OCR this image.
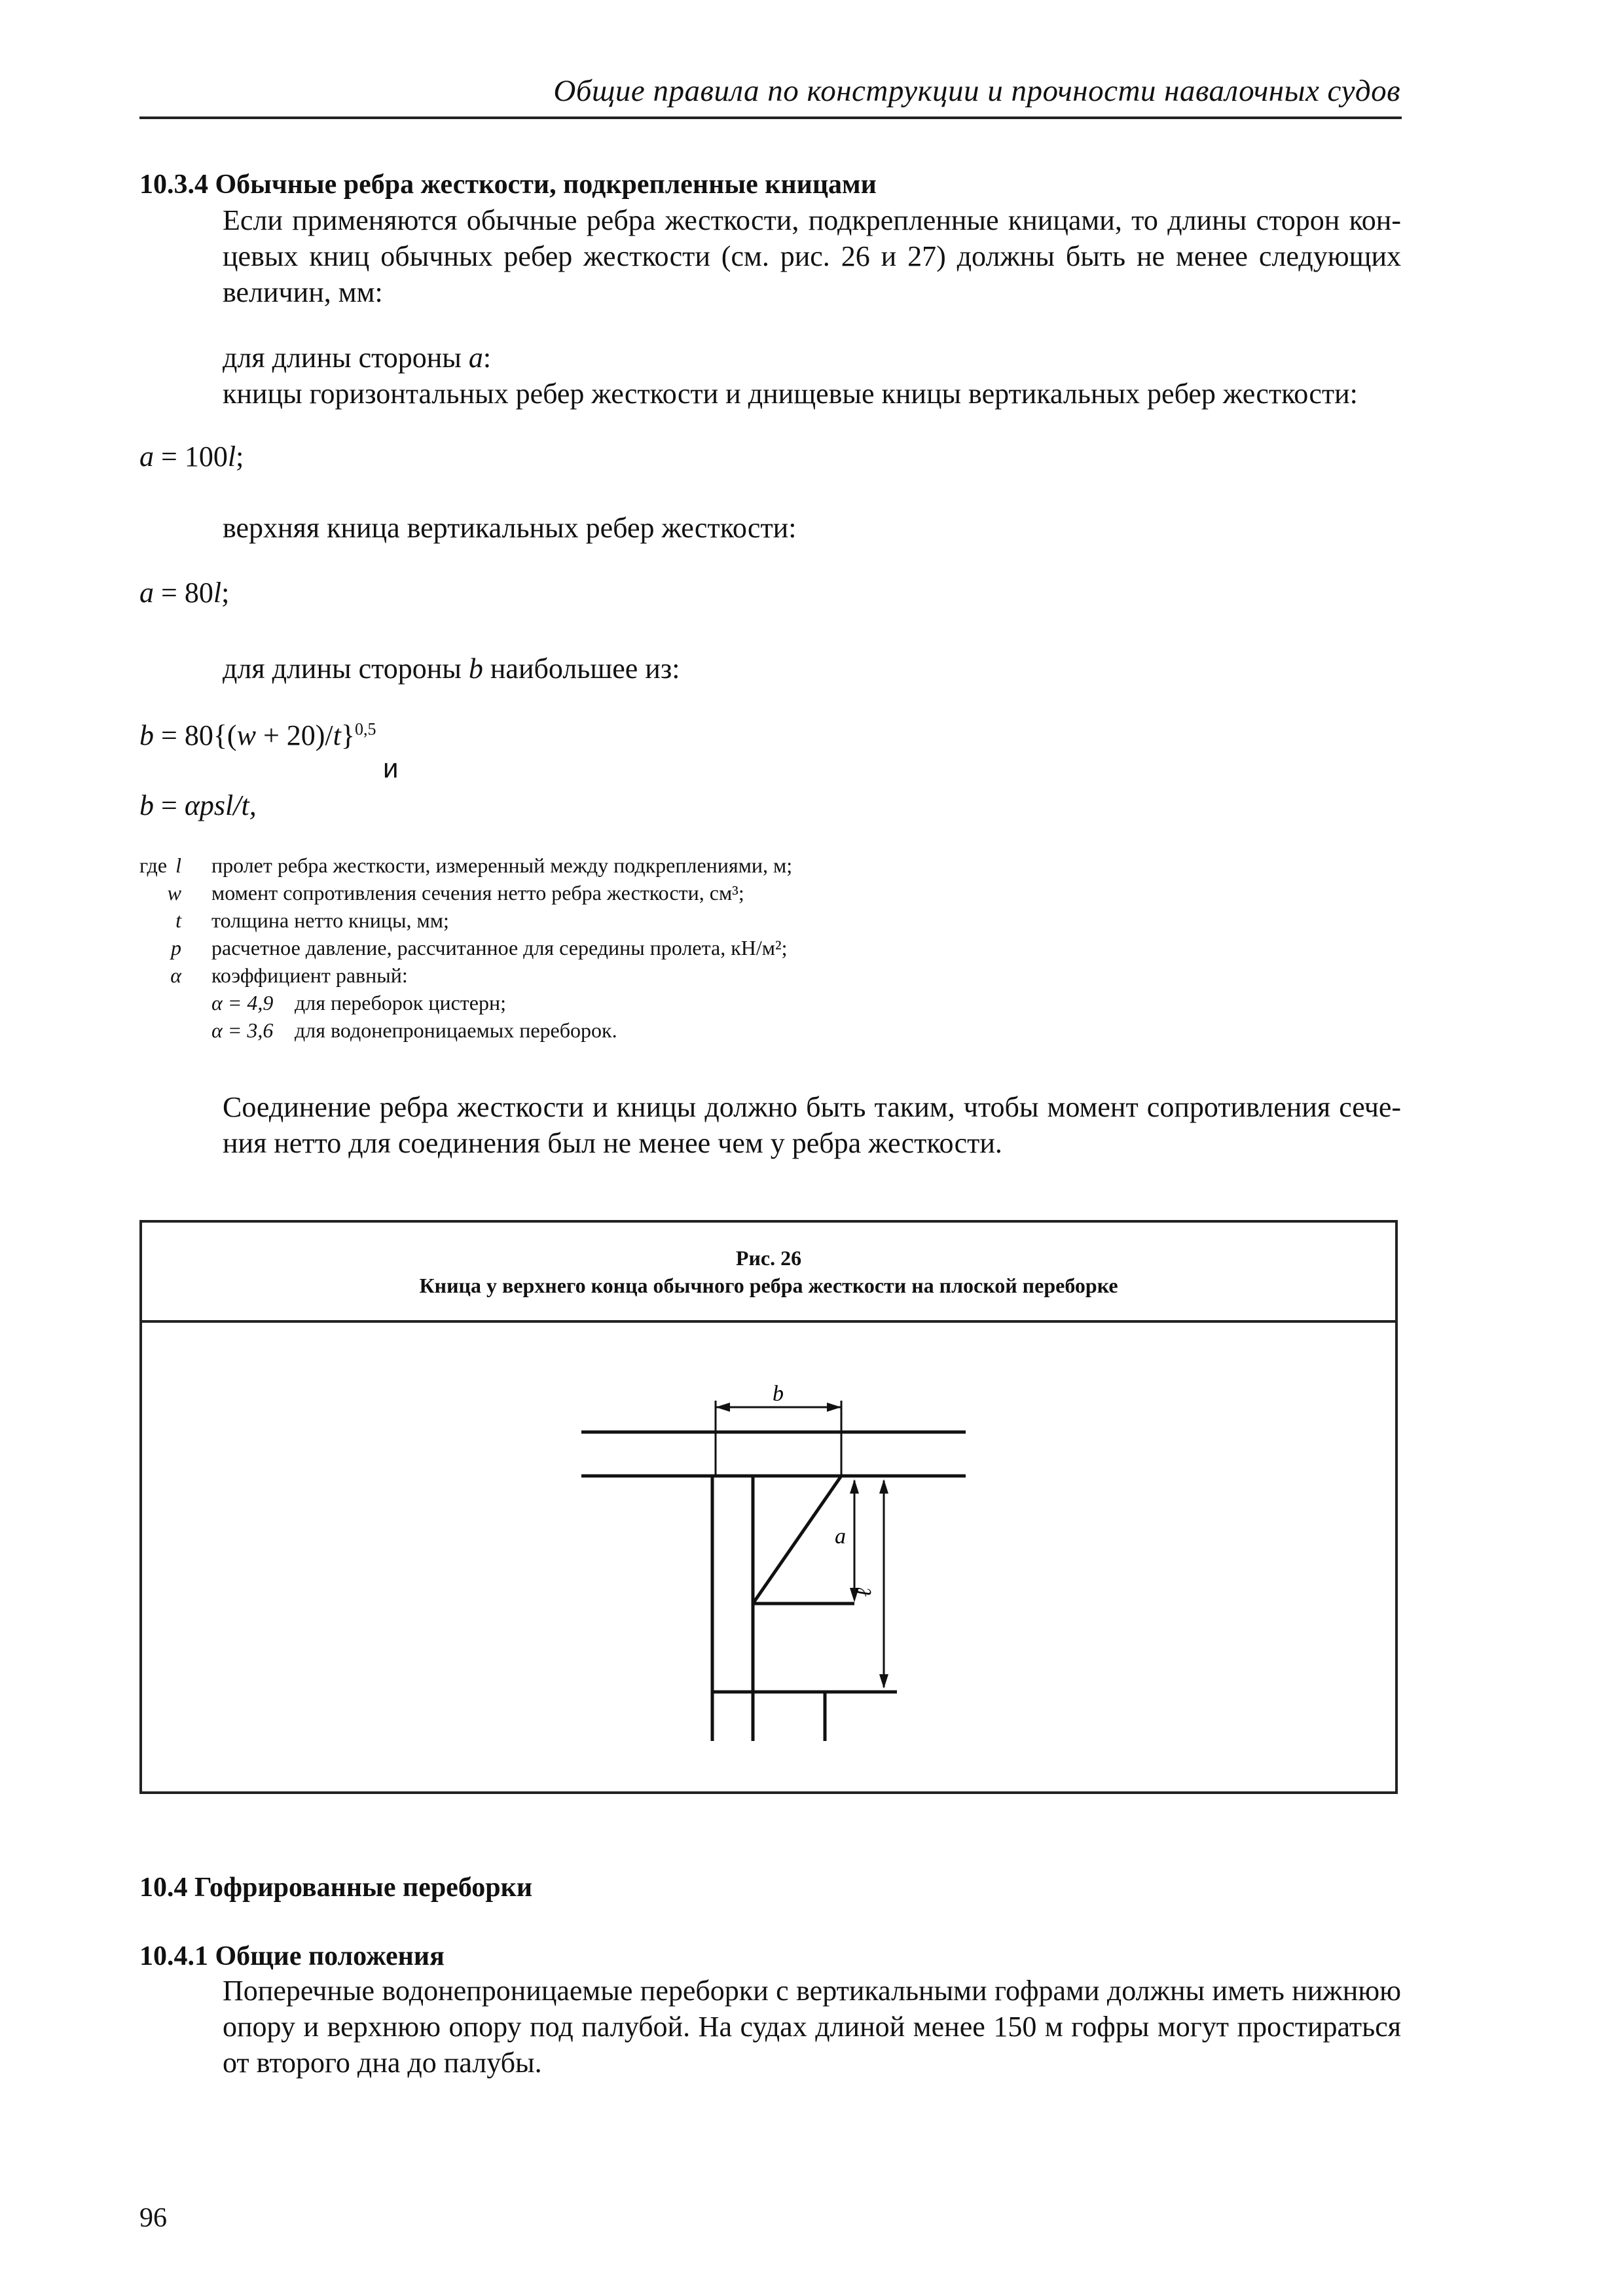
Общие правила по конструкции и прочности навалочных судов
10.3.4 Обычные ребра жесткости, подкрепленные кницами
Если применяются обычные ребра жесткости, подкрепленные кницами, то длины сторон кон-
цевых книц обычных ребер жесткости (см. рис. 26 и 27) должны быть не менее следующих
величин, мм:
для длины стороны a:
кницы горизонтальных ребер жесткости и днищевые кницы вертикальных ребер жесткости:
a = 100l;
верхняя кница вертикальных ребер жесткости:
a = 80l;
для длины стороны b наибольшее из:
$b = 80\{(w + 20)/t\}^{0,5}$
и
b = αpsl/t,
где l пролет ребра жесткости, измеренный между подкреплениями, м;
w момент сопротивления сечения нетто ребра жесткости, см³;
t толщина нетто кницы, мм;
p расчетное давление, рассчитанное для середины пролета, кН/м²;
α коэффициент равный:
α = 4,9 для переборок цистерн;
α = 3,6 для водонепроницаемых переборок.
Соединение ребра жесткости и кницы должно быть таким, чтобы момент сопротивления сече-
ния нетто для соединения был не менее чем у ребра жесткости.
Рис. 26
Кница у верхнего конца обычного ребра жесткости на плоской переборке
b
a
ℓ
10.4 Гофрированные переборки
10.4.1 Общие положения
Поперечные водонепроницаемые переборки с вертикальными гофрами должны иметь нижнюю
опору и верхнюю опору под палубой. На судах длиной менее 150 м гофры могут простираться
от второго дна до палубы.
96
